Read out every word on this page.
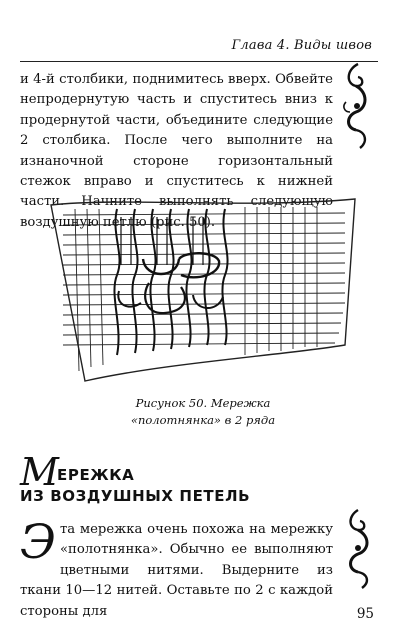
Глава 4. Виды швов

и 4-й столбики, поднимитесь вверх. Обвейте непродернутую часть и спуститесь вниз к продернутой части, объедините следующие 2 столбика. После чего выполните на изнаночной стороне горизонтальный стежок вправо и спуститесь к нижней части. Начните выполнять следующую воздушную петлю (рис. 50).

Рисунок 50. Мережка «полотнянка» в 2 ряда
М
ЕРЕЖКА
ИЗ ВОЗДУШНЫХ ПЕТЕЛЬ

Эта мережка очень похожа на мережку «полотнянка». Обычно ее выполняют цветными нитями. Выдерните из ткани 10—12 нитей. Оставьте по 2 с каждой стороны для	95
